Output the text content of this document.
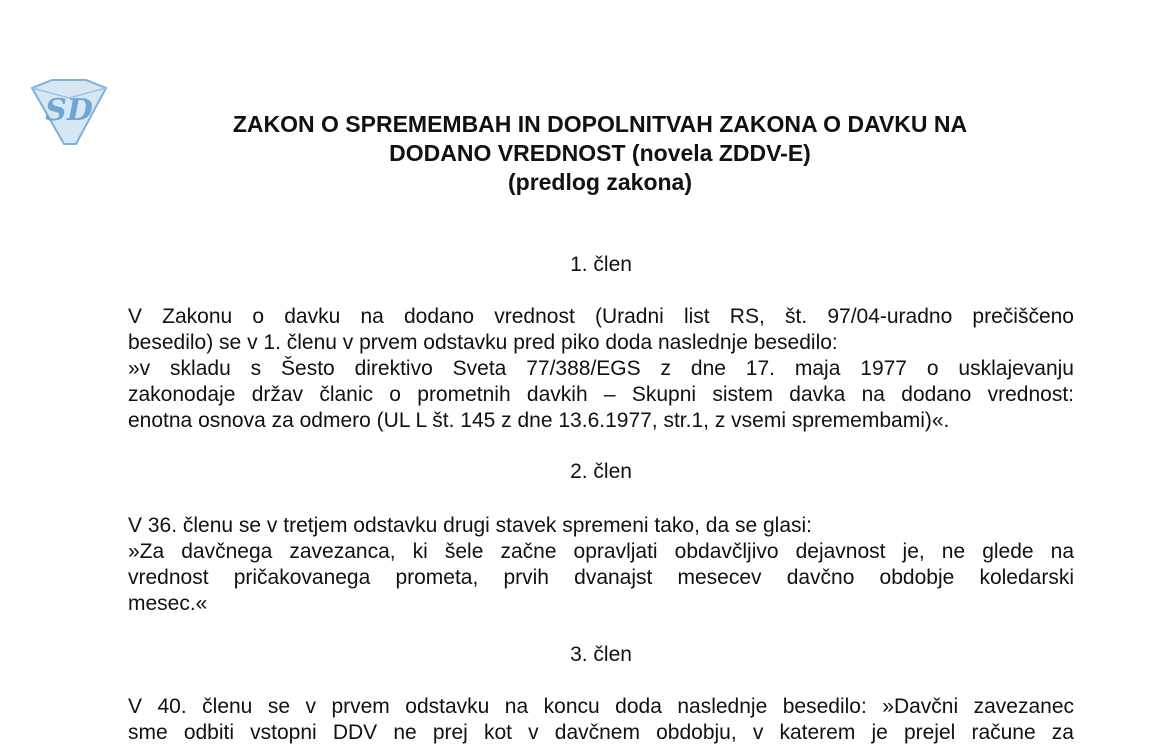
SD	ZAKON O SPREMEMBAH IN DOPOLNITVAH ZAKONA O DAVKU NA
DODANO VREDNOST (novela ZDDV-E)
(predlog zakona)
1. člen
V Zakonu o davku na dodano vrednost (Uradni list RS, št. 97/04-uradno prečiščeno
besedilo) se v 1. členu v prvem odstavku pred piko doda naslednje besedilo:
»v skladu s Šesto direktivo Sveta 77/388/EGS z dne 17. maja 1977 o usklajevanju
zakonodaje držav članic o prometnih davkih – Skupni sistem davka na dodano vrednost:
enotna osnova za odmero (UL L št. 145 z dne 13.6.1977, str.1, z vsemi spremembami)«.
2. člen
V 36. členu se v tretjem odstavku drugi stavek spremeni tako, da se glasi:
»Za davčnega zavezanca, ki šele začne opravljati obdavčljivo dejavnost je, ne glede na
vrednost pričakovanega prometa, prvih dvanajst mesecev davčno obdobje koledarski
mesec.«
3. člen
V 40. členu se v prvem odstavku na koncu doda naslednje besedilo: »Davčni zavezanec
sme odbiti vstopni DDV ne prej kot v davčnem obdobju, v katerem je prejel račune za
